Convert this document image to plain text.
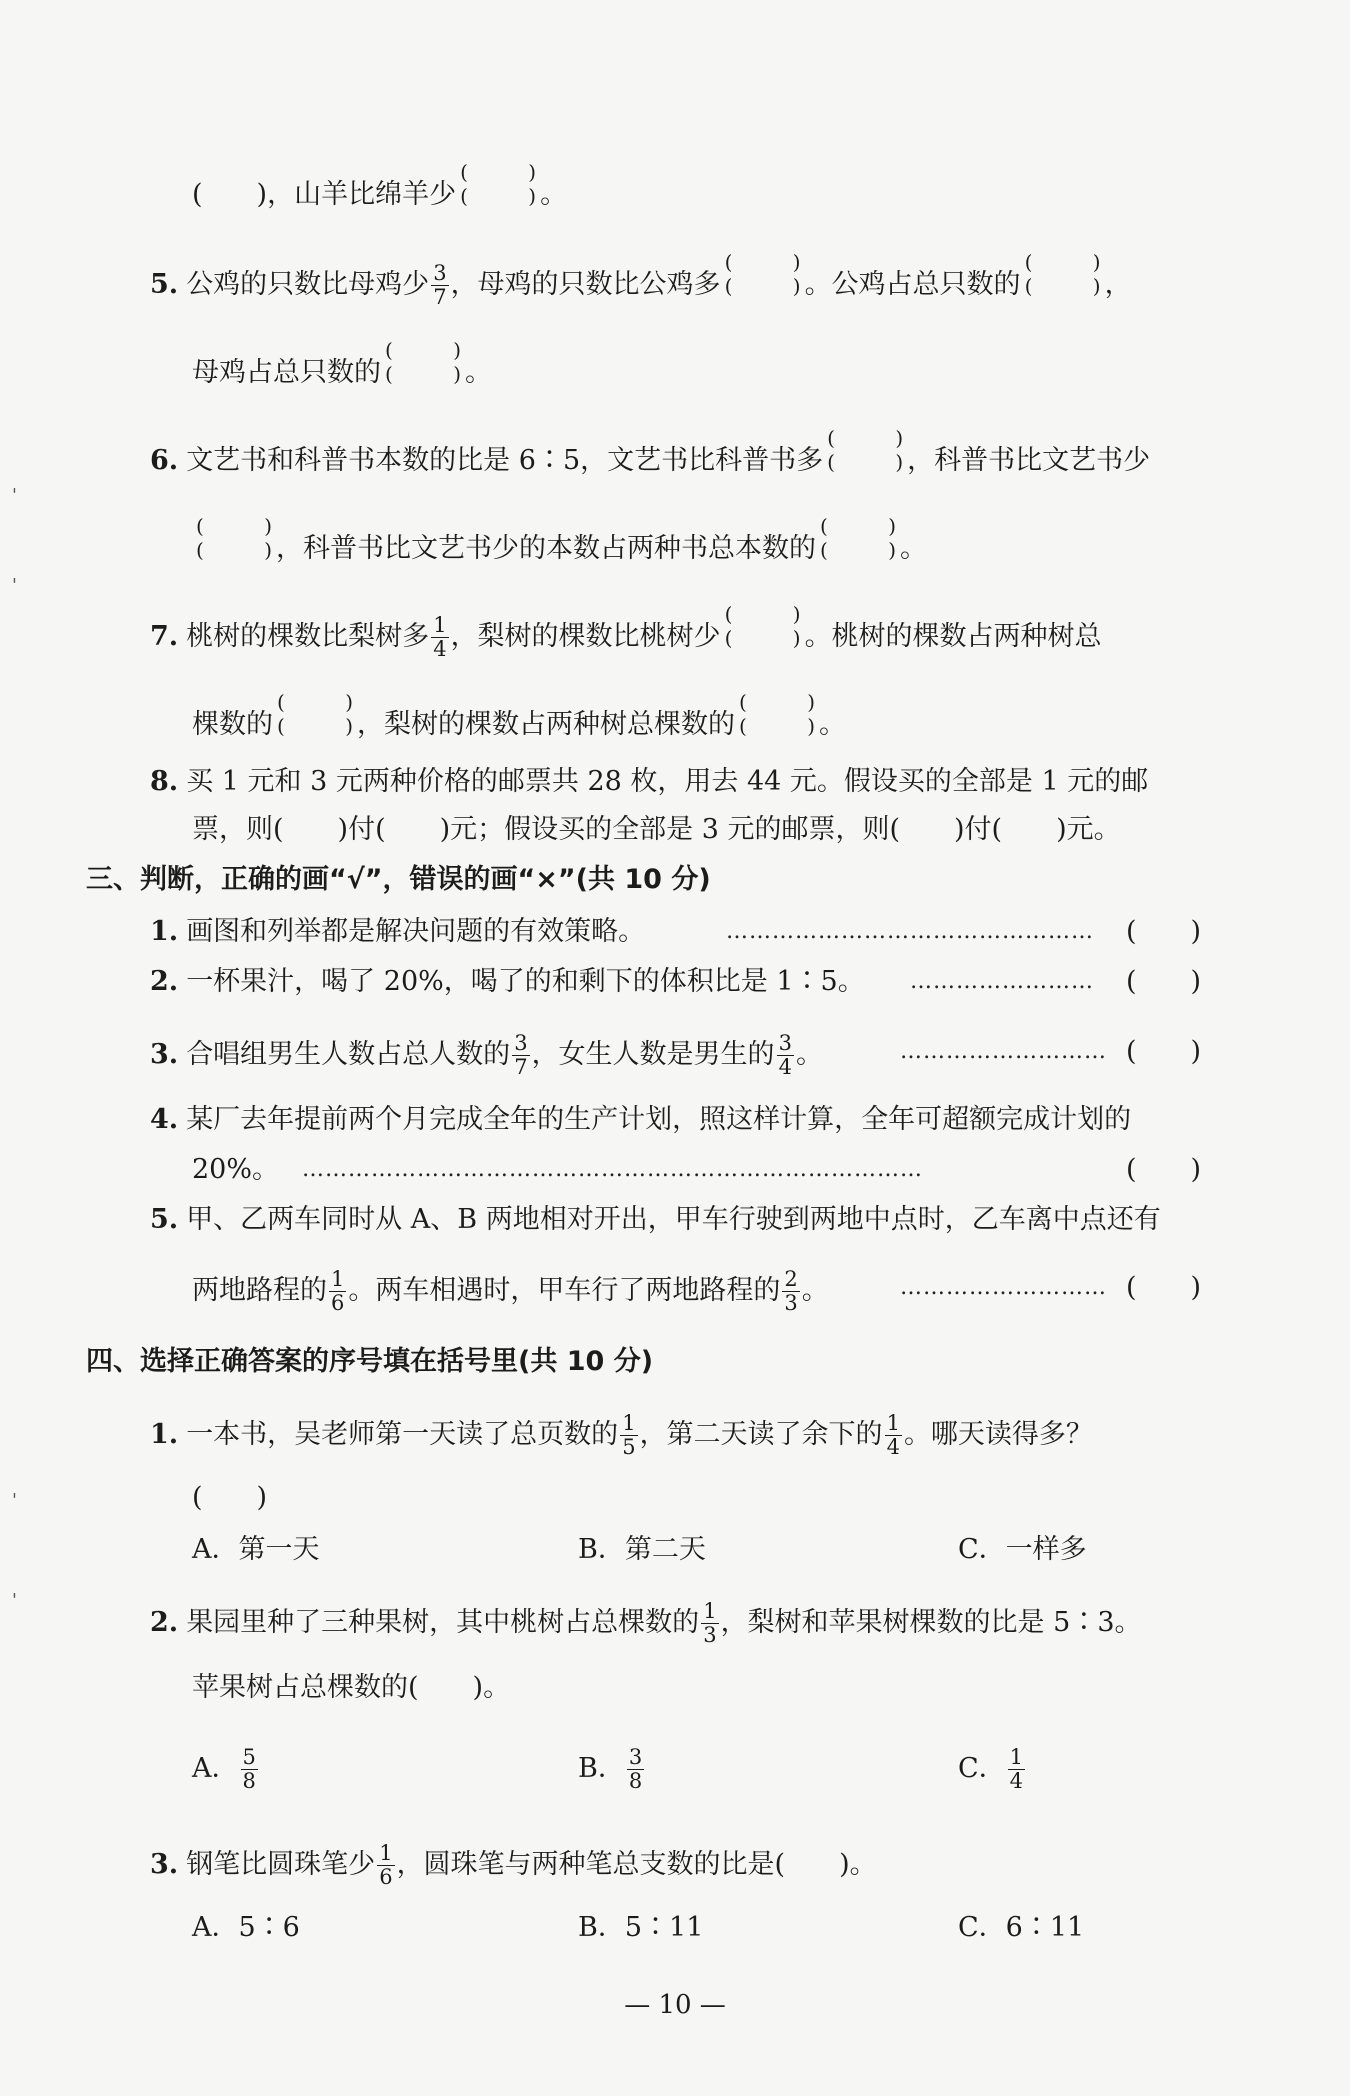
(　　)，山羊比绵羊少
(	)
(	) 。
5. 公鸡的只数比母鸡少 $\frac{3}{7}$ ，母鸡的只数比公鸡多
(	)
(	) 。公鸡占总只数的
(	)
(	) ，
母鸡占总只数的
(	)
(	) 。
6. 文艺书和科普书本数的比是 6∶5，文艺书比科普书多
(	)
(	) ，科普书比文艺书少
(	)
(	) ，科普书比文艺书少的本数占两种书总本数的
(	)
(	) 。
7. 桃树的棵数比梨树多 $\frac{1}{4}$ ，梨树的棵数比桃树少
(	)
(	) 。桃树的棵数占两种树总
棵数的
(	)
(	) ，梨树的棵数占两种树总棵数的
(	)
(	) 。
8. 买 1 元和 3 元两种价格的邮票共 28 枚，用去 44 元。假设买的全部是 1 元的邮
票，则(　　)付(　　)元；假设买的全部是 3 元的邮票，则(　　)付(　　)元。
三、判断，正确的画“√”，错误的画“×”(共 10 分)
1. 画图和列举都是解决问题的有效策略。	………………………………………… (　　)
2. 一杯果汁，喝了 20%，喝了的和剩下的体积比是 1∶5。 …………………… (　　)
3. 合唱组男生人数占总人数的 $\frac{3}{7}$ ，女生人数是男生的 $\frac{3}{4}$ 。	……………………… (　　)
4. 某厂去年提前两个月完成全年的生产计划，照这样计算，全年可超额完成计划的
20%。 ………………………………………………………………………	(　　)
5. 甲、乙两车同时从 A、B 两地相对开出，甲车行驶到两地中点时，乙车离中点还有
两地路程的 $\frac{1}{6}$ 。两车相遇时，甲车行了两地路程的 $\frac{2}{3}$ 。	……………………… (　　)
四、选择正确答案的序号填在括号里(共 10 分)
1. 一本书，吴老师第一天读了总页数的 $\frac{1}{5}$ ，第二天读了余下的 $\frac{1}{4}$ 。哪天读得多？
(　　)
A．第一天	B．第二天	C．一样多
2. 果园里种了三种果树，其中桃树占总棵数的 $\frac{1}{3}$ ，梨树和苹果树棵数的比是 5∶3。
苹果树占总棵数的(　　)。
A． $\frac{5}{8}$	B． $\frac{3}{8}$	C． $\frac{1}{4}$
3. 钢笔比圆珠笔少 $\frac{1}{6}$ ，圆珠笔与两种笔总支数的比是(　　)。
A．5∶6	B．5∶11	C．6∶11
— 10 —
'
'
'
'
